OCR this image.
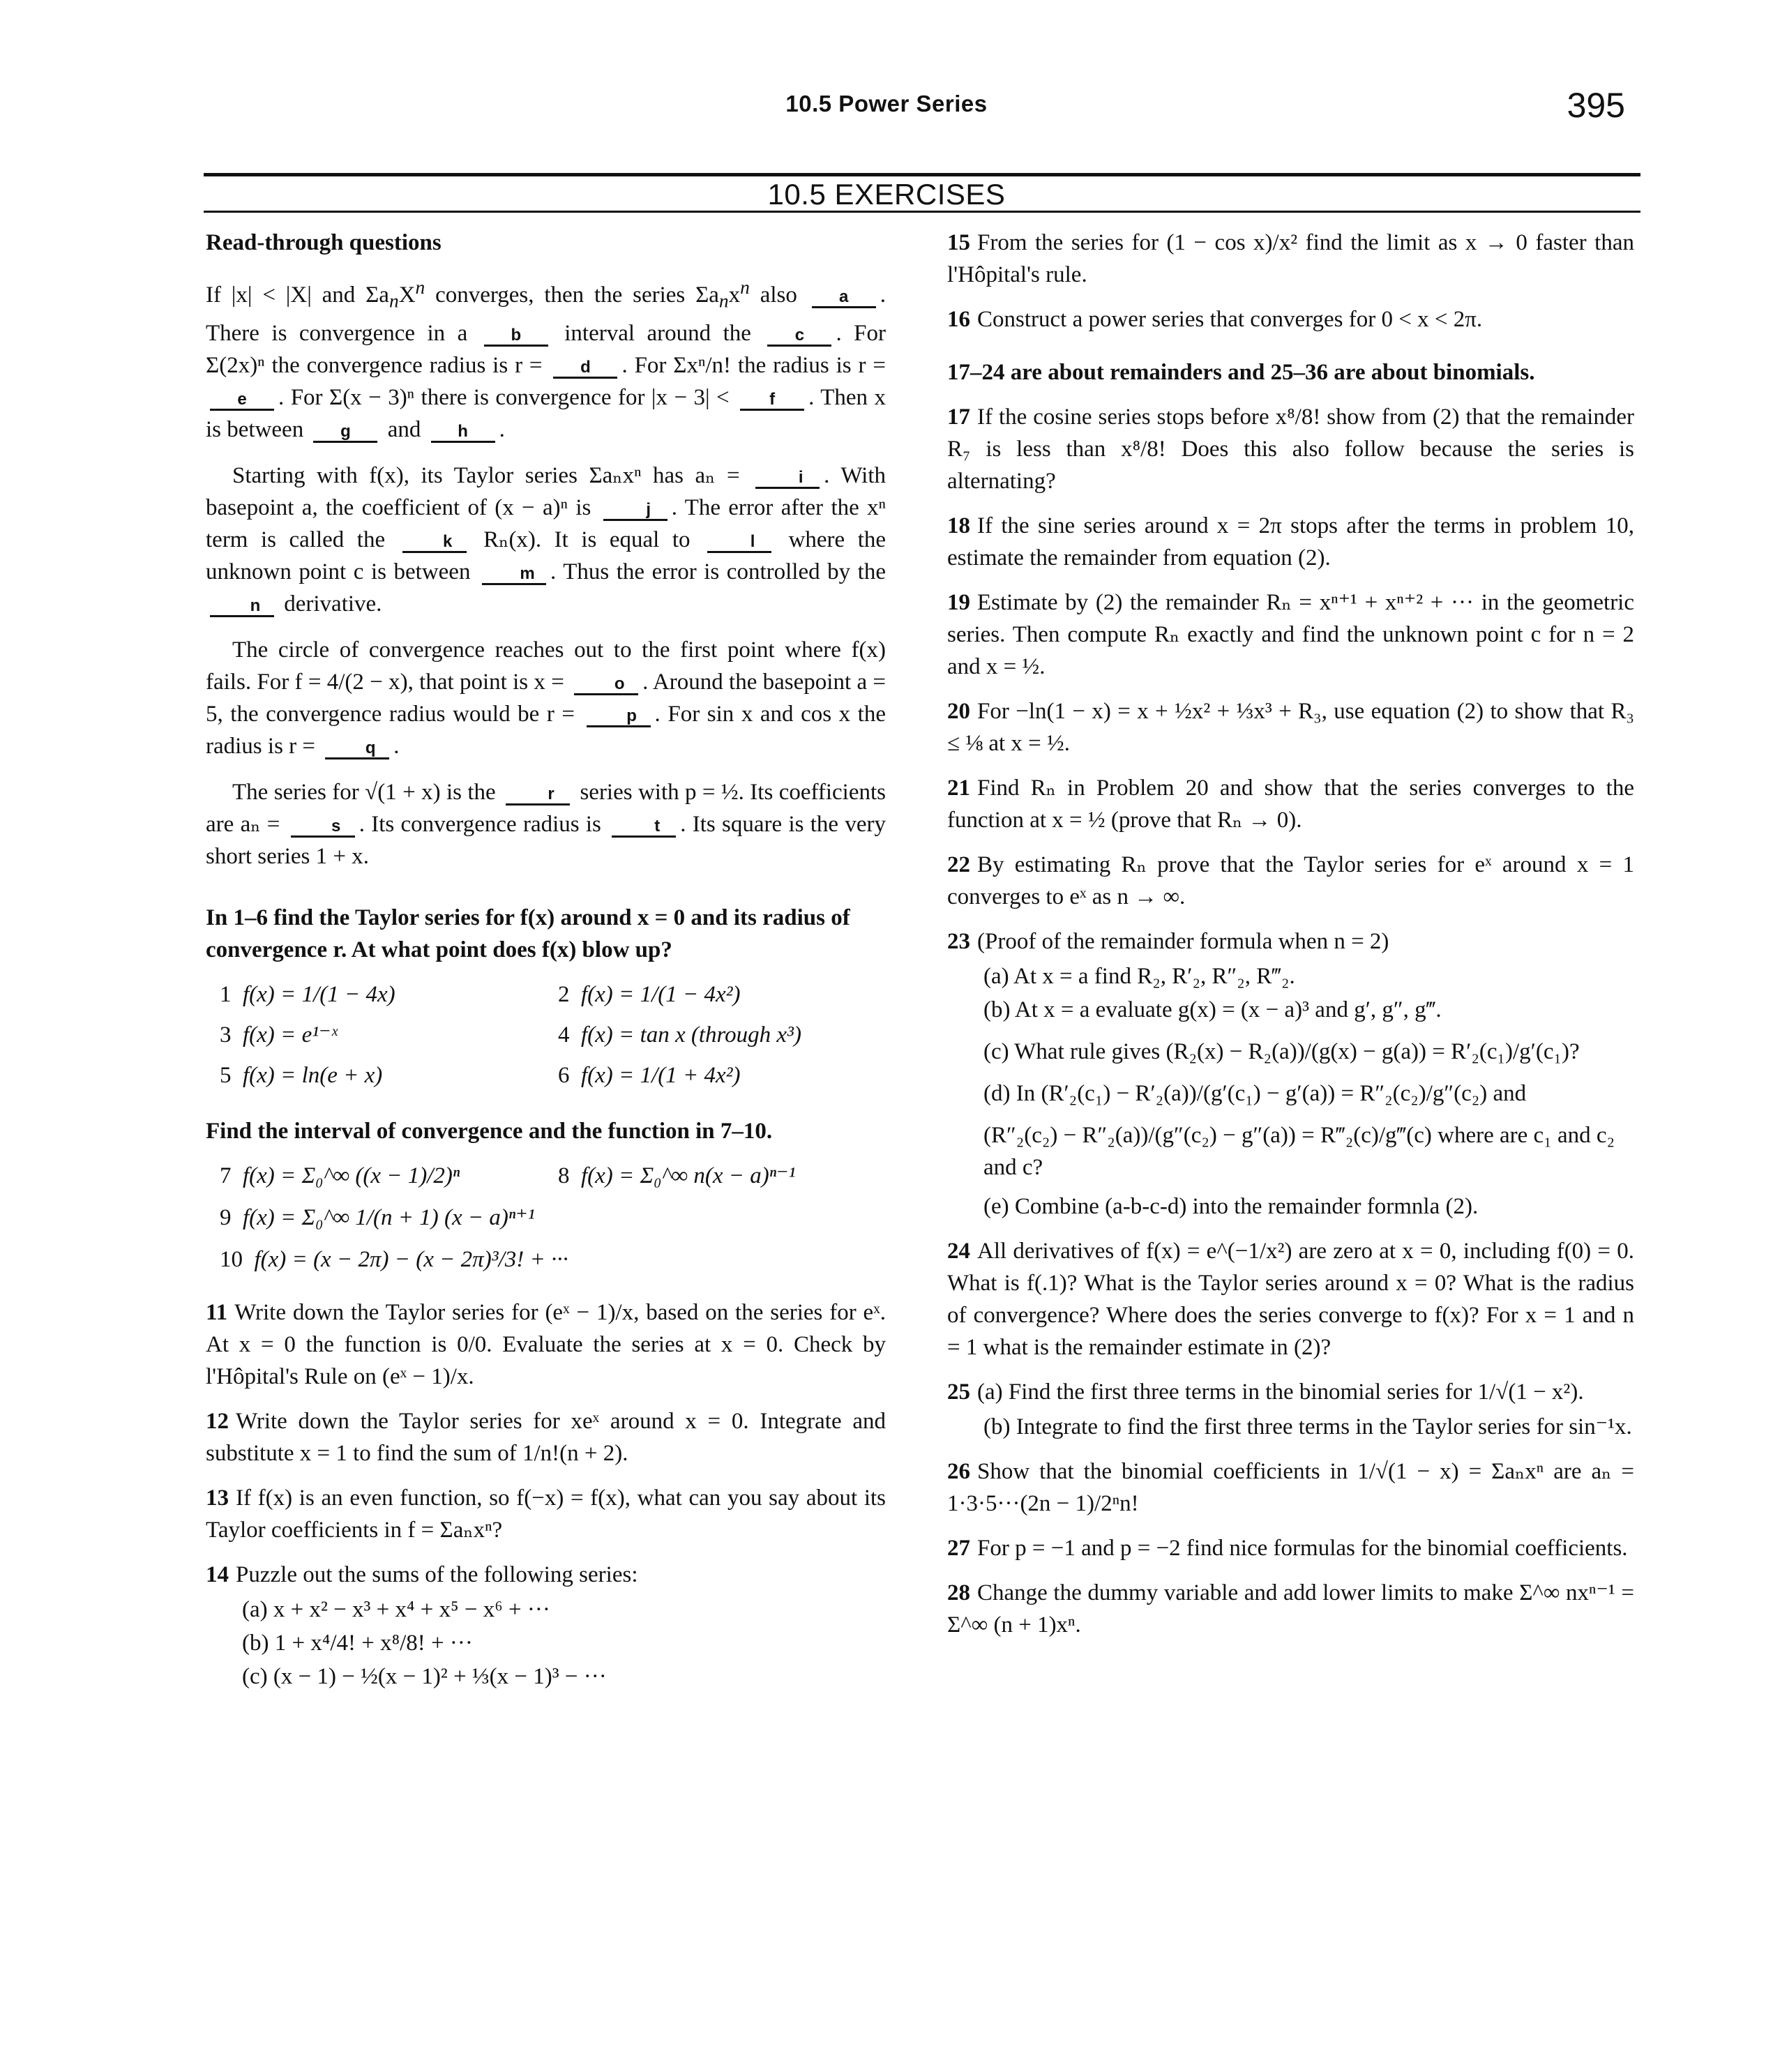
10.5 Power Series	395
10.5 EXERCISES
Read-through questions
If |x| < |X| and $\Sigma a_nX^n$ converges, then the series $\Sigma a_nx^n$ also	a . There is convergence in a	b interval around the	c . For Σ(2x)ⁿ the convergence radius is r = d . For Σxⁿ/n! the radius is r = e . For Σ(x − 3)ⁿ there is convergence for |x − 3| < f . Then x is between g and h .
Starting with f(x), its Taylor series Σaₙxⁿ has aₙ =	i . With basepoint a, the coefficient of (x − a)ⁿ is	j . The error after the xⁿ term is called the	k Rₙ(x). It is equal to	l where the unknown point c is between	m . Thus the error is controlled by the n derivative.
The circle of convergence reaches out to the first point where f(x) fails. For f = 4/(2 − x), that point is x =	o . Around the basepoint a = 5, the convergence radius would be r =	p . For sin x and cos x the radius is r =	q .
The series for √(1 + x) is the	r series with p = ½. Its coefficients are aₙ =	s . Its convergence radius is	t . Its square is the very short series 1 + x.
In 1–6 find the Taylor series for f(x) around x = 0 and its radius of convergence r. At what point does f(x) blow up?
1 f(x) = 1/(1 − 4x)	2 f(x) = 1/(1 − 4x²)
3 f(x) = e¹⁻ˣ	4 f(x) = tan x (through x³)
5 f(x) = ln(e + x)	6 f(x) = 1/(1 + 4x²)
Find the interval of convergence and the function in 7–10.
7 f(x) = Σ₀^∞ ((x − 1)/2)ⁿ	8 f(x) = Σ₀^∞ n(x − a)ⁿ⁻¹
9 f(x) = Σ₀^∞ 1/(n + 1) (x − a)ⁿ⁺¹
10 f(x) = (x − 2π) − (x − 2π)³/3! + ···
11 Write down the Taylor series for (eˣ − 1)/x, based on the series for eˣ. At x = 0 the function is 0/0. Evaluate the series at x = 0. Check by l'Hôpital's Rule on (eˣ − 1)/x.
12 Write down the Taylor series for xeˣ around x = 0. Integrate and substitute x = 1 to find the sum of 1/n!(n + 2).
13 If f(x) is an even function, so f(−x) = f(x), what can you say about its Taylor coefficients in f = Σaₙxⁿ?
14 Puzzle out the sums of the following series:
(a) x + x² − x³ + x⁴ + x⁵ − x⁶ + ···
(b) 1 + x⁴/4! + x⁸/8! + ···
(c) (x − 1) − ½(x − 1)² + ⅓(x − 1)³ − ···
15 From the series for (1 − cos x)/x² find the limit as x → 0 faster than l'Hôpital's rule.
16 Construct a power series that converges for 0 < x < 2π.
17–24 are about remainders and 25–36 are about binomials.
17 If the cosine series stops before x⁸/8! show from (2) that the remainder R₇ is less than x⁸/8! Does this also follow because the series is alternating?
18 If the sine series around x = 2π stops after the terms in problem 10, estimate the remainder from equation (2).
19 Estimate by (2) the remainder Rₙ = xⁿ⁺¹ + xⁿ⁺² + ··· in the geometric series. Then compute Rₙ exactly and find the unknown point c for n = 2 and x = ½.
20 For −ln(1 − x) = x + ½x² + ⅓x³ + R₃, use equation (2) to show that R₃ ≤ ⅛ at x = ½.
21 Find Rₙ in Problem 20 and show that the series converges to the function at x = ½ (prove that Rₙ → 0).
22 By estimating Rₙ prove that the Taylor series for eˣ around x = 1 converges to eˣ as n → ∞.
23 (Proof of the remainder formula when n = 2)
(a) At x = a find R₂, R′₂, R″₂, R‴₂.
(b) At x = a evaluate g(x) = (x − a)³ and g′, g″, g‴.
(c) What rule gives (R₂(x) − R₂(a))/(g(x) − g(a)) = R′₂(c₁)/g′(c₁)?
(d) In (R′₂(c₁) − R′₂(a))/(g′(c₁) − g′(a)) = R″₂(c₂)/g″(c₂) and
(R″₂(c₂) − R″₂(a))/(g″(c₂) − g″(a)) = R‴₂(c)/g‴(c) where are c₁ and c₂ and c?
(e) Combine (a-b-c-d) into the remainder formnla (2).
24 All derivatives of f(x) = e^(−1/x²) are zero at x = 0, including f(0) = 0. What is f(.1)? What is the Taylor series around x = 0? What is the radius of convergence? Where does the series converge to f(x)? For x = 1 and n = 1 what is the remainder estimate in (2)?
25 (a) Find the first three terms in the binomial series for 1/√(1 − x²).
(b) Integrate to find the first three terms in the Taylor series for sin⁻¹x.
26 Show that the binomial coefficients in 1/√(1 − x) = Σaₙxⁿ are aₙ = 1·3·5···(2n − 1)/2ⁿn!
27 For p = −1 and p = −2 find nice formulas for the binomial coefficients.
28 Change the dummy variable and add lower limits to make Σ^∞ nxⁿ⁻¹ = Σ^∞ (n + 1)xⁿ.
